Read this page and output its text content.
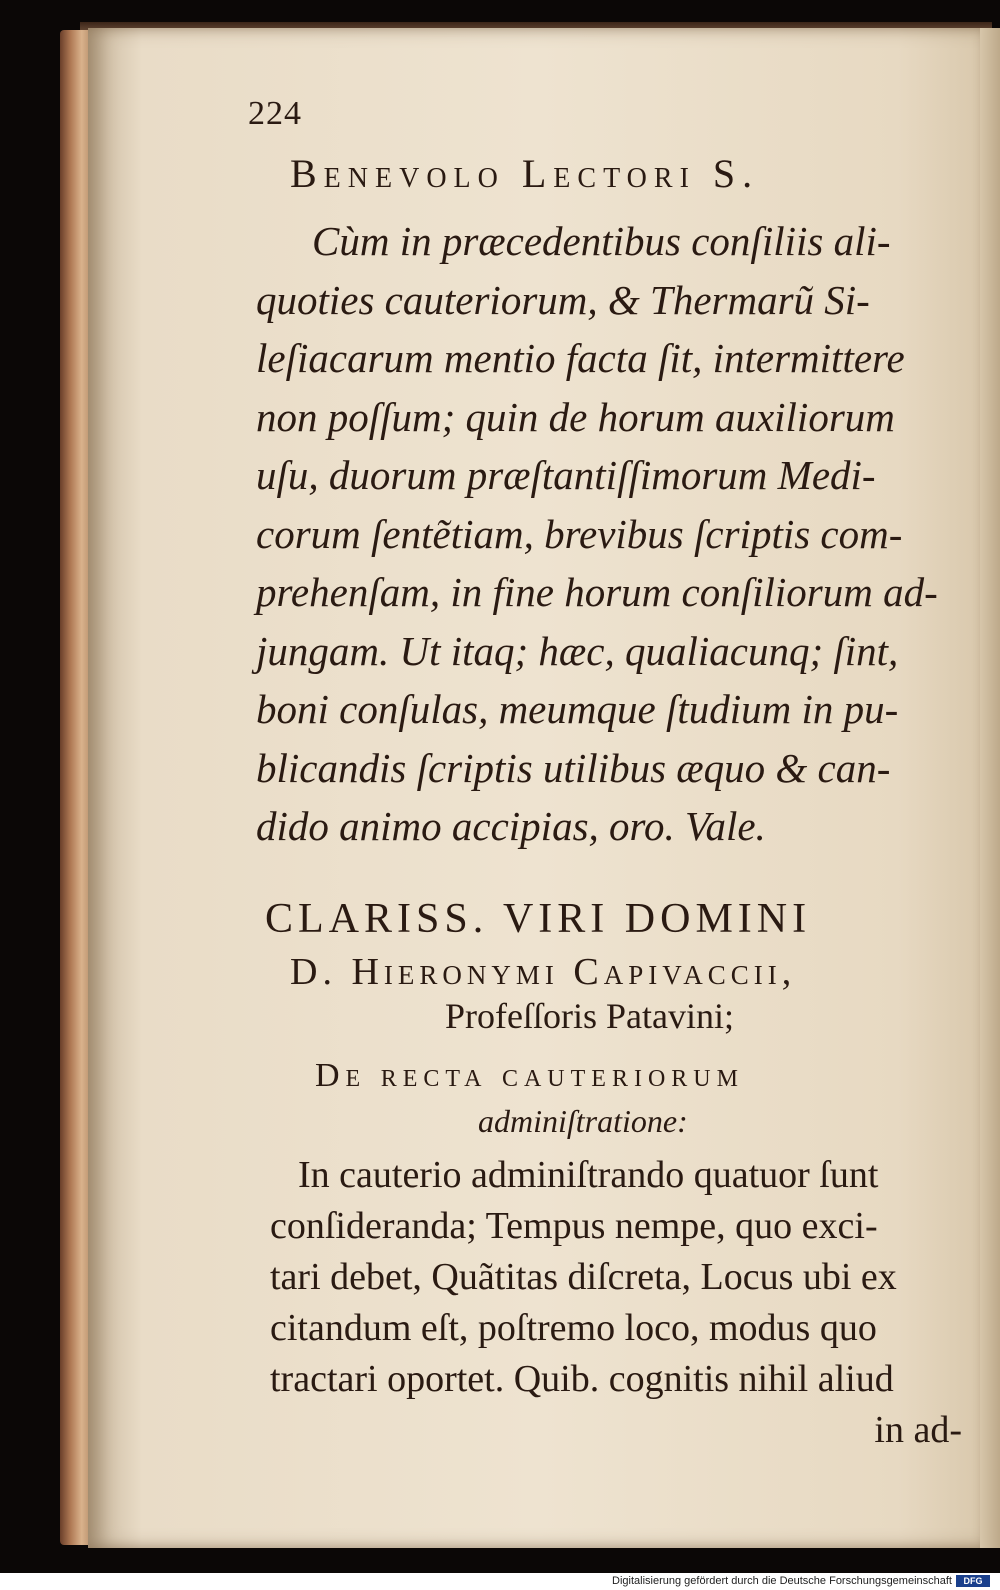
224
Benevolo Lectori S.
Cùm in præcedentibus conſiliis ali-
quoties cauteriorum, & Thermarũ Si-
leſiacarum mentio facta ſit, intermittere
non poſſum; quin de horum auxiliorum
uſu, duorum præſtantiſſimorum Medi-
corum ſentẽtiam, brevibus ſcriptis com-
prehenſam, in fine horum conſiliorum ad-
jungam. Ut itaq; hæc, qualiacunq; ſint,
boni conſulas, meumque ſtudium in pu-
blicandis ſcriptis utilibus æquo & can-
dido animo accipias, oro. Vale.
CLARISS. VIRI DOMINI
D. Hieronymi Capivaccii,
Profeſſoris Patavini;
De recta cauteriorum
adminiſtratione:
In cauterio adminiſtrando quatuor ſunt
conſideranda; Tempus nempe, quo exci-
tari debet, Quãtitas diſcreta, Locus ubi ex
citandum eſt, poſtremo loco, modus quo
tractari oportet. Quib. cognitis nihil aliud
in ad-
Digitalisierung gefördert durch die Deutsche Forschungsgemeinschaft	DFG
